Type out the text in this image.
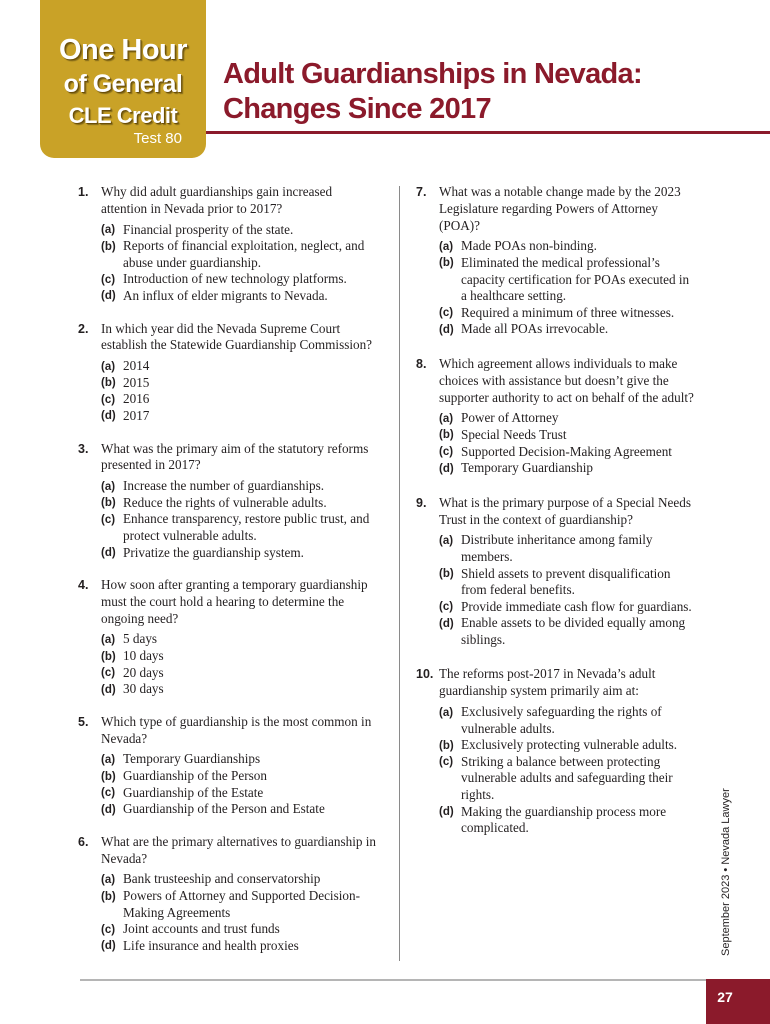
One Hour
of General
CLE Credit
Test 80
Adult Guardianships in Nevada:
Changes Since 2017
1. Why did adult guardianships gain increased attention in Nevada prior to 2017?
(a) Financial prosperity of the state.
(b) Reports of financial exploitation, neglect, and abuse under guardianship.
(c) Introduction of new technology platforms.
(d) An influx of elder migrants to Nevada.
2. In which year did the Nevada Supreme Court establish the Statewide Guardianship Commission?
(a) 2014
(b) 2015
(c) 2016
(d) 2017
3. What was the primary aim of the statutory reforms presented in 2017?
(a) Increase the number of guardianships.
(b) Reduce the rights of vulnerable adults.
(c) Enhance transparency, restore public trust, and protect vulnerable adults.
(d) Privatize the guardianship system.
4. How soon after granting a temporary guardianship must the court hold a hearing to determine the ongoing need?
(a) 5 days
(b) 10 days
(c) 20 days
(d) 30 days
5. Which type of guardianship is the most common in Nevada?
(a) Temporary Guardianships
(b) Guardianship of the Person
(c) Guardianship of the Estate
(d) Guardianship of the Person and Estate
6. What are the primary alternatives to guardianship in Nevada?
(a) Bank trusteeship and conservatorship
(b) Powers of Attorney and Supported Decision-Making Agreements
(c) Joint accounts and trust funds
(d) Life insurance and health proxies
7. What was a notable change made by the 2023 Legislature regarding Powers of Attorney (POA)?
(a) Made POAs non-binding.
(b) Eliminated the medical professional’s capacity certification for POAs executed in a healthcare setting.
(c) Required a minimum of three witnesses.
(d) Made all POAs irrevocable.
8. Which agreement allows individuals to make choices with assistance but doesn’t give the supporter authority to act on behalf of the adult?
(a) Power of Attorney
(b) Special Needs Trust
(c) Supported Decision-Making Agreement
(d) Temporary Guardianship
9. What is the primary purpose of a Special Needs Trust in the context of guardianship?
(a) Distribute inheritance among family members.
(b) Shield assets to prevent disqualification from federal benefits.
(c) Provide immediate cash flow for guardians.
(d) Enable assets to be divided equally among siblings.
10. The reforms post-2017 in Nevada’s adult guardianship system primarily aim at:
(a) Exclusively safeguarding the rights of vulnerable adults.
(b) Exclusively protecting vulnerable adults.
(c) Striking a balance between protecting vulnerable adults and safeguarding their rights.
(d) Making the guardianship process more complicated.
September 2023 • Nevada Lawyer
27
